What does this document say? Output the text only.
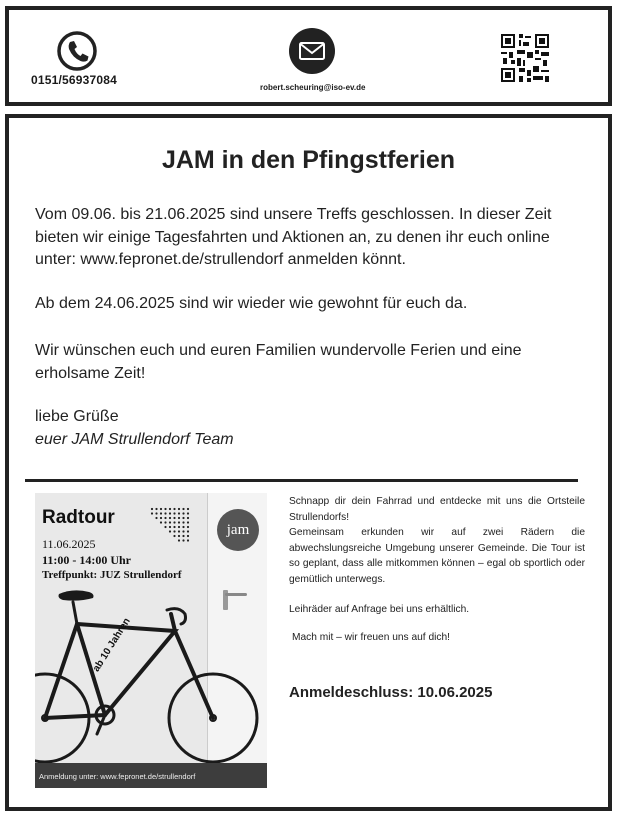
0151/56937084
robert.scheuring@iso-ev.de
JAM in den Pfingstferien
Vom 09.06. bis 21.06.2025 sind unsere Treffs geschlossen. In dieser Zeit bieten wir einige Tagesfahrten und Aktionen an, zu denen ihr euch online unter: www.fepronet.de/strullendorf anmelden könnt.
Ab dem 24.06.2025 sind wir wieder wie gewohnt für euch da.
Wir wünschen euch und euren Familien wundervolle Ferien und eine erholsame Zeit!
liebe Grüße
euer JAM Strullendorf Team
Radtour
11.06.2025
11:00 - 14:00 Uhr
Treffpunkt: JUZ Strullendorf
jam
ab 10 Jahren
Anmeldung unter: www.fepronet.de/strullendorf
Schnapp dir dein Fahrrad und entdecke mit uns die Ortsteile Strullendorfs!
Gemeinsam erkunden wir auf zwei Rädern die abwechslungsreiche Umgebung unserer Gemeinde. Die Tour ist so geplant, dass alle mitkommen können – egal ob sportlich oder gemütlich unterwegs.
Leihräder auf Anfrage bei uns erhältlich.
Mach mit – wir freuen uns auf dich!
Anmeldeschluss: 10.06.2025
